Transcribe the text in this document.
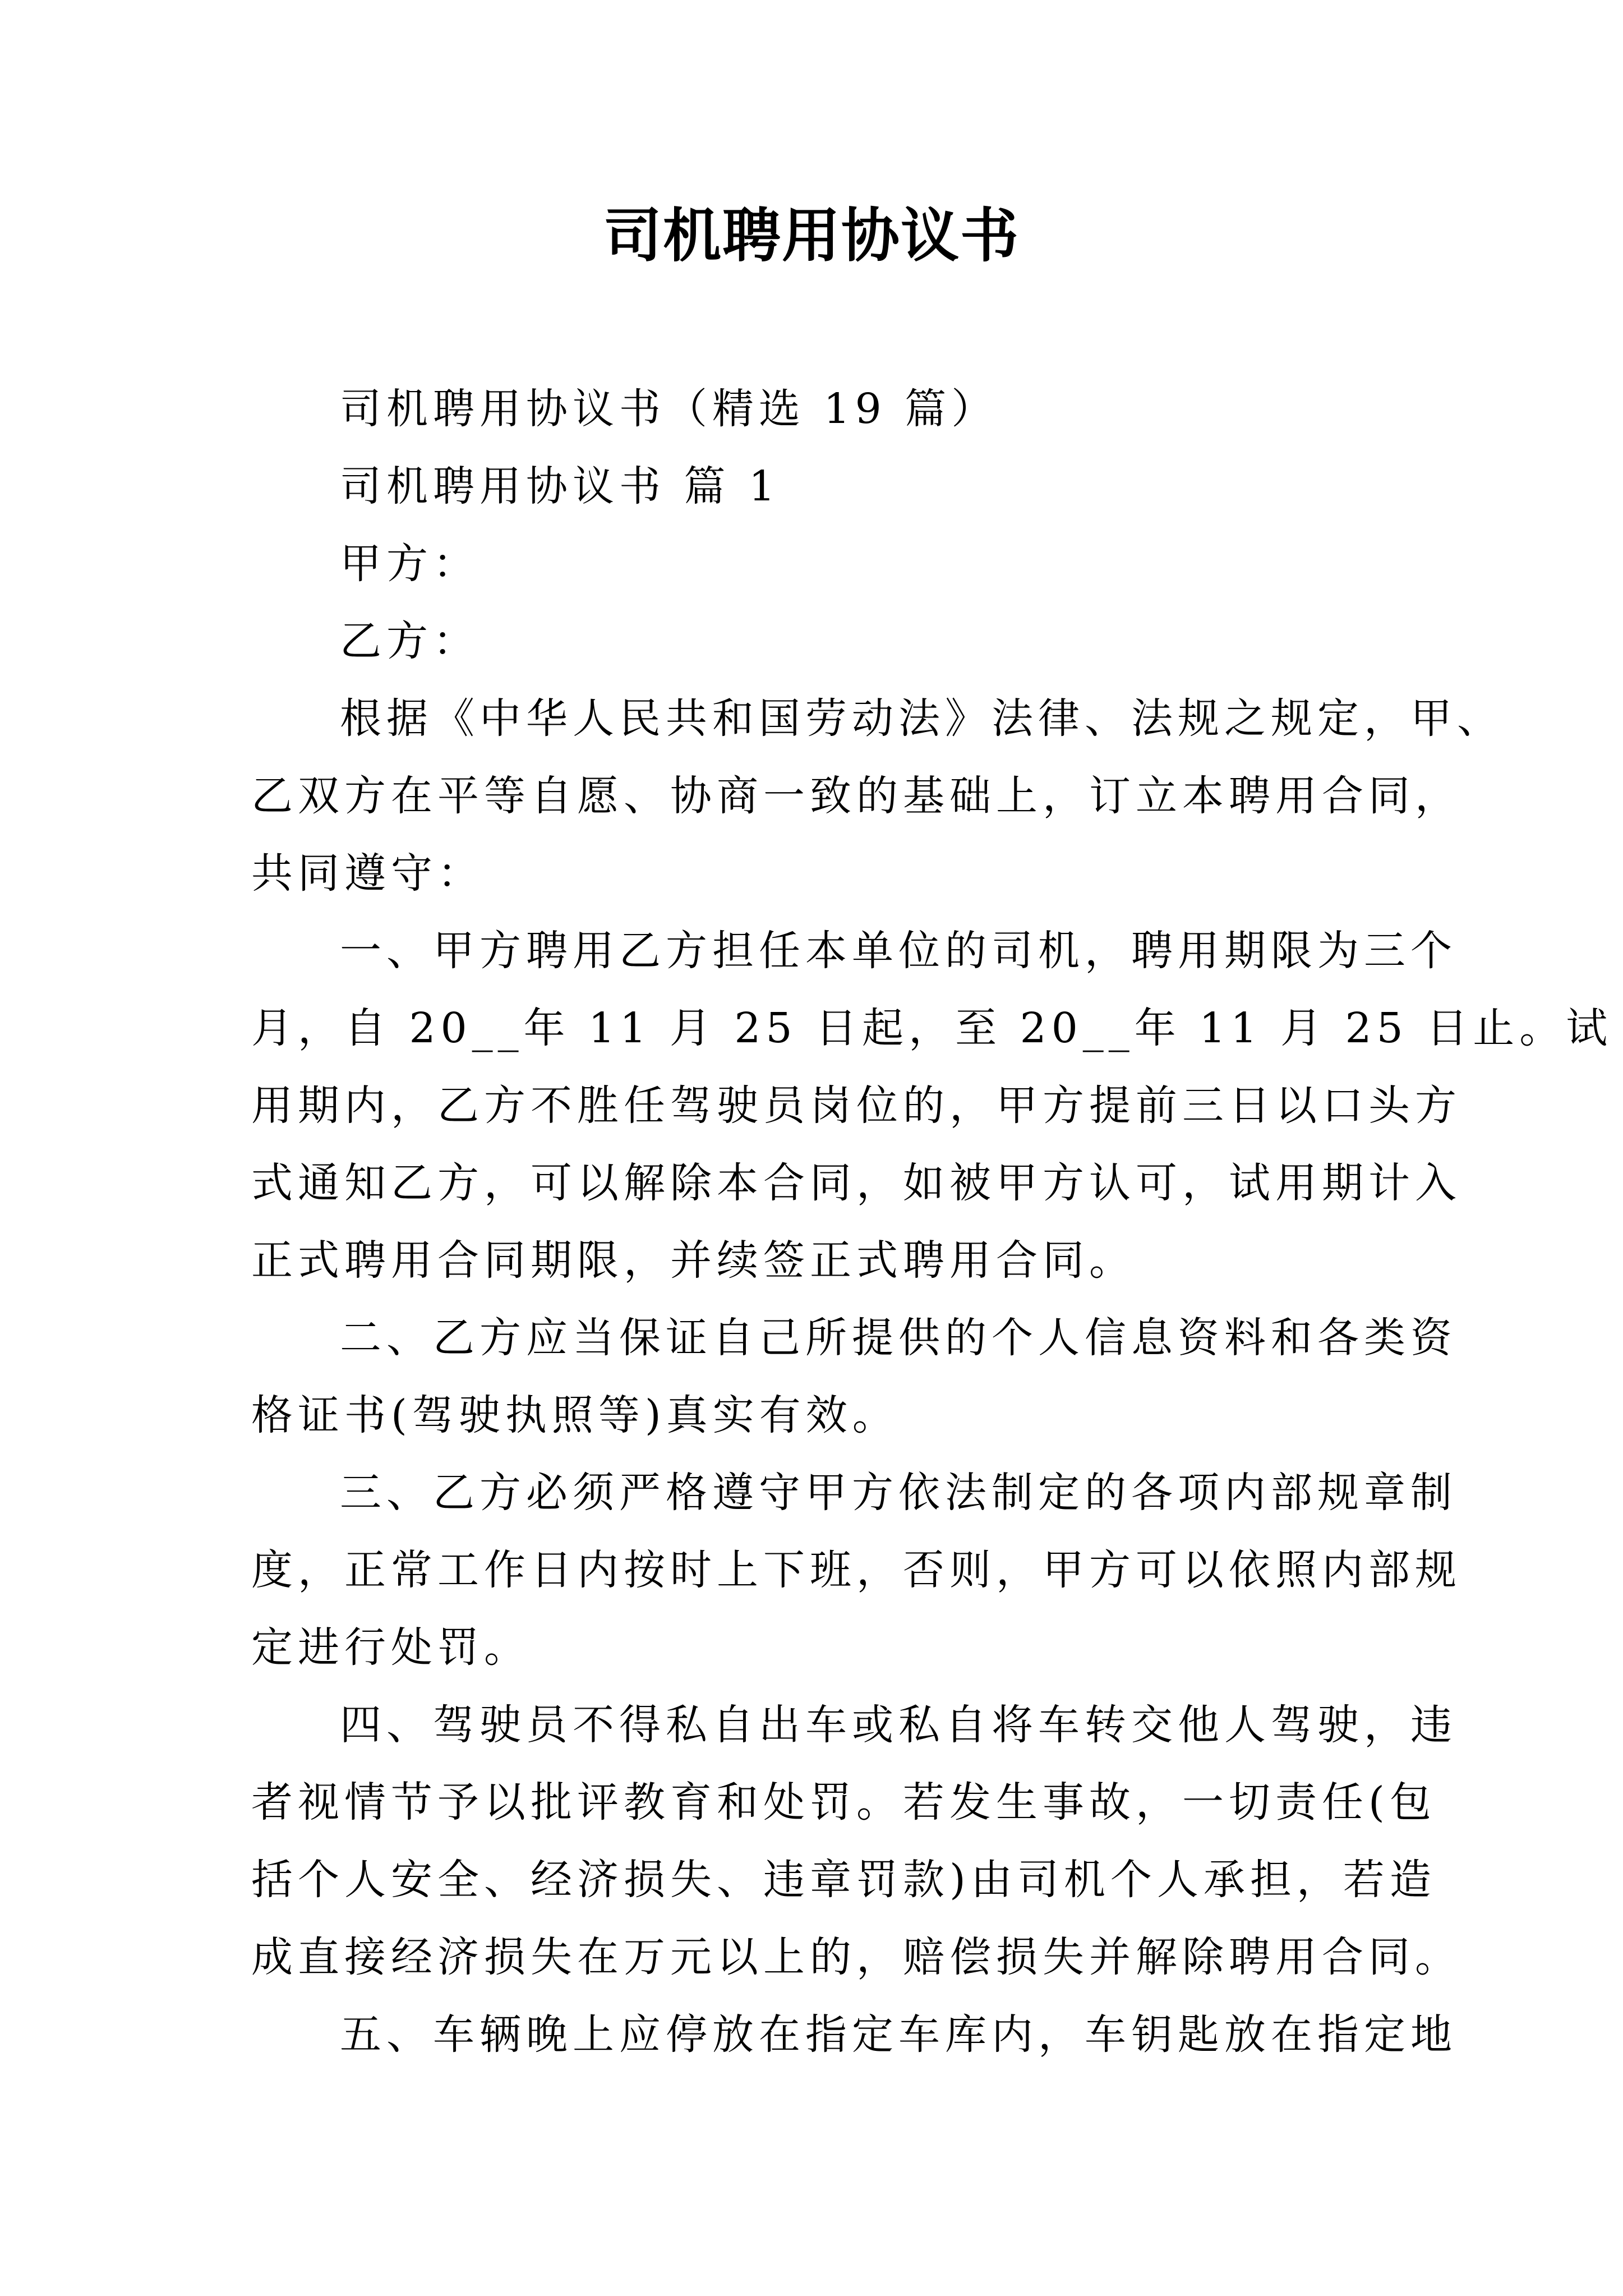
司机聘用协议书
司机聘用协议书（精选 19 篇）
司机聘用协议书 篇 1
甲方：
乙方：
根据《中华人民共和国劳动法》法律、法规之规定，甲、
乙双方在平等自愿、协商一致的基础上，订立本聘用合同，
共同遵守：
一、甲方聘用乙方担任本单位的司机，聘用期限为三个
月，自 20__年 11 月 25 日起，至 20__年 11 月 25 日止。试
用期内，乙方不胜任驾驶员岗位的，甲方提前三日以口头方
式通知乙方，可以解除本合同，如被甲方认可，试用期计入
正式聘用合同期限，并续签正式聘用合同。
二、乙方应当保证自己所提供的个人信息资料和各类资
格证书(驾驶执照等)真实有效。
三、乙方必须严格遵守甲方依法制定的各项内部规章制
度，正常工作日内按时上下班，否则，甲方可以依照内部规
定进行处罚。
四、驾驶员不得私自出车或私自将车转交他人驾驶，违
者视情节予以批评教育和处罚。若发生事故，一切责任(包
括个人安全、经济损失、违章罚款)由司机个人承担，若造
成直接经济损失在万元以上的，赔偿损失并解除聘用合同。
五、车辆晚上应停放在指定车库内，车钥匙放在指定地
